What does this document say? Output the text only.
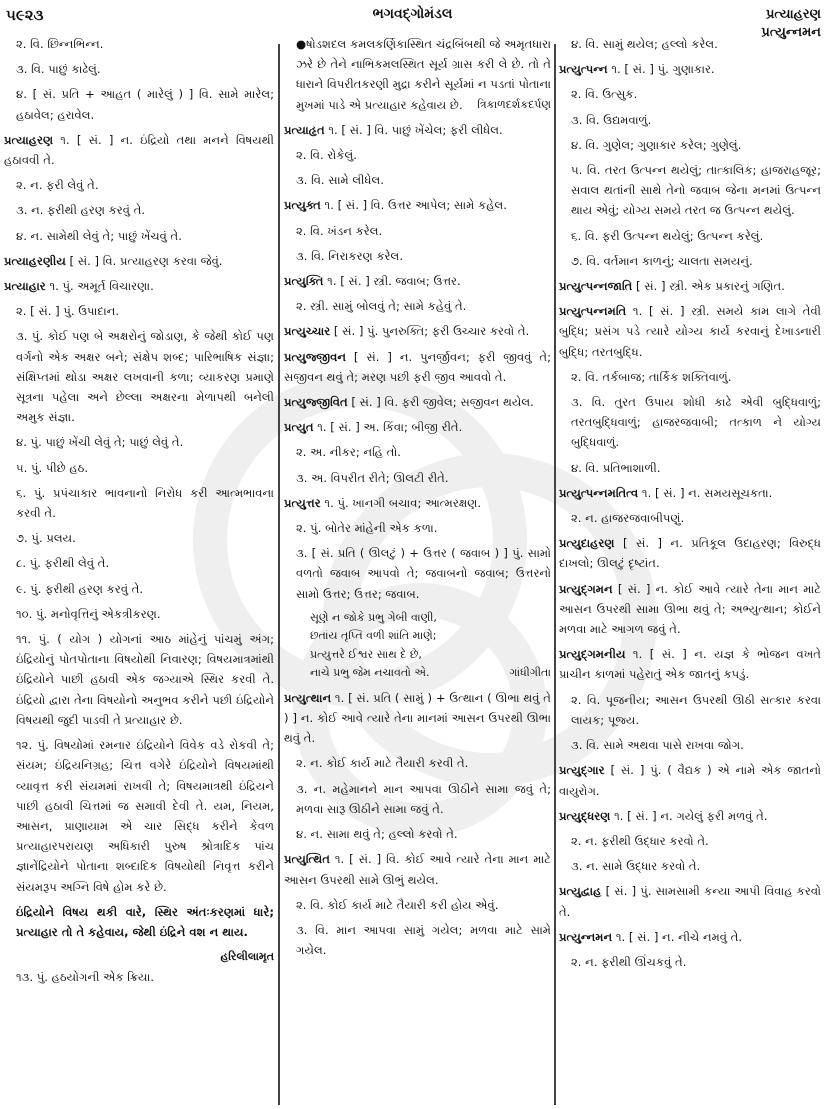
૫૯૨૩	ભગવદ્ગોમંડલ	પ્રત્યાહરણ
પ્રત્યુન્નમન
૨. વિ. છિન્નભિન્ન.
૩. વિ. પાછું કાઢેલું.
૪. [ સં. પ્રતિ + આહત ( મારેલું ) ] વિ. સામે મારેલ; હઠાવેલ; હરાવેલ.
પ્રત્યાહરણ ૧. [ સં. ] ન. ઇંદ્રિયો તથા મનને વિષયથી હઠાવવી તે.
૨. ન. ફરી લેવું તે.
૩. ન. ફરીથી હરણ કરવું તે.
૪. ન. સામેથી લેવું તે; પાછું ખેંચવું તે.
પ્રત્યાહરણીય [ સં. ] વિ. પ્રત્યાહરણ કરવા જેવું.
પ્રત્યાહાર ૧. પું. અમૂર્ત વિચારણા.
૨. [ સં. ] પું. ઉપાદાન.
૩. પું. કોઈ પણ બે અક્ષરોનું જોડાણ, કે જેથી કોઈ પણ વર્ગનો એક અક્ષર બને; સંક્ષેપ શબ્દ; પારિભાષિક સંજ્ઞા; સંક્ષિપ્તમાં થોડા અક્ષર લખવાની કળા; વ્યાકરણ પ્રમાણે સૂત્રના પહેલા અને છેલ્લા અક્ષરના મેળાપથી બનેલી અમુક સંજ્ઞા.
૪. પું. પાછું ખેંચી લેવું તે; પાછું લેવું તે.
૫. પું. પીછે હઠ.
૬. પું. પ્રપંચાકાર ભાવનાનો નિરોધ કરી આત્મભાવના કરવી તે.
૭. પું. પ્રલય.
૮. પું. ફરીથી લેવું તે.
૯. પું. ફરીથી હરણ કરવું તે.
૧૦. પું. મનોવૃત્તિનું એકત્રીકરણ.
૧૧. પું. ( યોગ ) યોગનાં આઠ માંહેનું પાંચમું અંગ; ઇંદ્રિયોનું પોતપોતાના વિષયોથી નિવારણ; વિષયમાત્રમાંથી ઇંદ્રિયોને પાછી હઠાવી એક જગ્યાએ સ્થિર કરવી તે. ઇંદ્રિયો દ્વારા તેના વિષયોનો અનુભવ કરીને પછી ઇંદ્રિયોને વિષયથી જુદી પાડવી તે પ્રત્યાહાર છે.
૧૨. પું. વિષયોમાં રમનાર ઇંદ્રિયોને વિવેક વડે રોકવી તે; સંયમ; ઇંદ્રિયનિગ્રહ; ચિત્ત વગેરે ઇંદ્રિયોને વિષયમાંથી વ્યાવૃત્ત કરી સંયમમાં રાખવી તે; વિષયમાત્રથી ઇંદ્રિયને પાછી હઠાવી ચિત્તમાં જ સમાવી દેવી તે. યમ, નિયમ, આસન, પ્રાણાયામ એ ચાર સિદ્ધ કરીને કેવળ પ્રત્યાહારપરાયણ અધિકારી પુરુષ શ્રોત્રાદિક પાંચ જ્ઞાનેંદ્રિયોને પોતાના શબ્દાદિક વિષયોથી નિવૃત્ત કરીને સંયમરૂપ અગ્નિ વિષે હોમ કરે છે.
ઇંદ્રિયોને વિષય થકી વારે, સ્થિર અંતઃકરણમાં ધારે; પ્રત્યાહાર તો તે કહેવાય, જેથી ઇંદ્રિને વશ ન થાય.
હરિલીલામૃત
૧૩. પું. હઠયોગની એક ક્રિયા.
●ષોડશદલ કમલકર્ણિકાસ્થિત ચંદ્રબિંબથી જે અમૃતધારા ઝરે છે તેને નાભિકમલસ્થિત સૂર્ય ગ્રાસ કરી લે છે. તો તે ધારાને વિપરીતકરણી મુદ્રા કરીને સૂર્યમાં ન પડતાં પોતાના મુખમાં પાડે એ પ્રત્યાહાર કહેવાય છે. ત્રિકાળદર્શકદર્પણ
પ્રત્યાહૃત ૧. [ સં. ] વિ. પાછું ખેંચેલ; ફરી લીધેલ.
૨. વિ. રોકેલું.
૩. વિ. સામે લીધેલ.
પ્રત્યુક્ત ૧. [ સં. ] વિ. ઉત્તર આપેલ; સામે કહેલ.
૨. વિ. ખંડન કરેલ.
૩. વિ. નિરાકરણ કરેલ.
પ્રત્યુક્તિ ૧. [ સં. ] સ્ત્રી. જવાબ; ઉત્તર.
૨. સ્ત્રી. સામું બોલવું તે; સામે કહેવું તે.
પ્રત્યુચ્ચાર [ સં. ] પું. પુનરુક્તિ; ફરી ઉચ્ચાર કરવો તે.
પ્રત્યુજ્જીવન [ સં. ] ન. પુનર્જીવન; ફરી જીવવું તે; સજીવન થવું તે; મરણ પછી ફરી જીવ આવવો તે.
પ્રત્યુજ્જીવિત [ સં. ] વિ. ફરી જીવેલ; સજીવન થયેલ.
પ્રત્યુત ૧. [ સં. ] અ. કિંવા; બીજી રીતે.
૨. અ. નીકર; નહિ તો.
૩. અ. વિપરીત રીતે; ઊલટી રીતે.
પ્રત્યુત્તર ૧. પું. ખાનગી બચાવ; આત્મરક્ષણ.
૨. પું. બોતેર માંહેની એક કળા.
૩. [ સં. પ્રતિ ( ઊલટું ) + ઉત્તર ( જવાબ ) ] પું. સામો વળતો જવાબ આપવો તે; જવાબનો જવાબ; ઉત્તરનો સામો ઉત્તર; ઉત્તર; જવાબ.
સૂણે ન જોકે પ્રભુ ગેબી વાણી,
છતાંય તૃપ્તિ વળી શાંતિ માણે;
પ્રત્યુત્તરે ઈશ્વર સાથ દે છે,
નાચે પ્રભુ જેમ નચાવતો એ.	ગાંધીગીતા
પ્રત્યુત્થાન ૧. [ સં. પ્રતિ ( સામું ) + ઉત્થાન ( ઊભા થવું તે ) ] ન. કોઈ આવે ત્યારે તેના માનમાં આસન ઉપરથી ઊભા થવું તે.
૨. ન. કોઈ કાર્ય માટે તૈયારી કરવી તે.
૩. ન. મહેમાનને માન આપવા ઊઠીને સામા જવું તે; મળવા સારૂ ઊઠીને સામા જવું તે.
૪. ન. સામા થવું તે; હલ્લો કરવો તે.
પ્રત્યુત્થિત ૧. [ સં. ] વિ. કોઈ આવે ત્યારે તેના માન માટે આસન ઉપરથી સામે ઊભું થયેલ.
૨. વિ. કોઈ કાર્ય માટે તૈયારી કરી હોય એવું.
૩. વિ. માન આપવા સામું ગયેલ; મળવા માટે સામે ગયેલ.
૪. વિ. સામું થયેલ; હલ્લો કરેલ.
પ્રત્યુત્પન્ન ૧. [ સં. ] પું. ગુણાકાર.
૨. વિ. ઉત્સુક.
૩. વિ. ઉદ્યમવાળું.
૪. વિ. ગુણેલ; ગુણાકાર કરેલ; ગુણેલું.
૫. વિ. તરત ઉત્પન્ન થયેલું; તાત્કાલિક; હાજરાહજૂર; સવાલ થતાંની સાથે તેનો જવાબ જેના મનમાં ઉત્પન્ન થાય એવું; યોગ્ય સમયે તરત જ ઉત્પન્ન થયેલું.
૬. વિ. ફરી ઉત્પન્ન થયેલું; ઉત્પન્ન કરેલું.
૭. વિ. વર્તમાન કાળનું; ચાલતા સમયનું.
પ્રત્યુત્પન્નજાતિ [ સં. ] સ્ત્રી. એક પ્રકારનું ગણિત.
પ્રત્યુત્પન્નમતિ ૧. [ સં. ] સ્ત્રી. સમયે કામ લાગે તેવી બુદ્ધિ; પ્રસંગ પડે ત્યારે યોગ્ય કાર્ય કરવાનું દેખાડનારી બુદ્ધિ; તરતબુદ્ધિ.
૨. વિ. તર્કબાજ; તાર્કિક શક્તિવાળું.
૩. વિ. તુરત ઉપાય શોધી કાઢે એવી બુદ્ધિવાળું; તરતબુદ્ધિવાળું; હાજરજવાબી; તત્કાળ ને યોગ્ય બુદ્ધિવાળું.
૪. વિ. પ્રતિભાશાળી.
પ્રત્યુત્પન્નમતિત્વ ૧. [ સં. ] ન. સમયસૂચકતા.
૨. ન. હાજરજવાબીપણું.
પ્રત્યુદાહરણ [ સં. ] ન. પ્રતિકૂલ ઉદાહરણ; વિરુદ્ધ દાખલો; ઊલટું દૃષ્ટાંત.
પ્રત્યુદ્ગમન [ સં. ] ન. કોઈ આવે ત્યારે તેના માન માટે આસન ઉપરથી સામા ઊભા થવું તે; અભ્યુત્થાન; કોઈને મળવા માટે આગળ જવું તે.
પ્રત્યુદ્ગમનીય ૧. [ સં. ] ન. યજ્ઞ કે ભોજન વખતે પ્રાચીન કાળમાં પહેરાતું એક જાતનું કપડું.
૨. વિ. પૂજનીય; આસન ઉપરથી ઊઠી સત્કાર કરવા લાયક; પૂજ્ય.
૩. વિ. સામે અથવા પાસે રાખવા જોગ.
પ્રત્યુદ્ગાર [ સં. ] પું. ( વૈદ્યક ) એ નામે એક જાતનો વાયુરોગ.
પ્રત્યુદ્ધરણ ૧. [ સં. ] ન. ગયેલું ફરી મળવું તે.
૨. ન. ફરીથી ઉદ્ધાર કરવો તે.
૩. ન. સામે ઉદ્ધાર કરવો તે.
પ્રત્યુદ્વાહ [ સં. ] પું. સામસામી કન્યા આપી વિવાહ કરવો તે.
પ્રત્યુન્નમન ૧. [ સં. ] ન. નીચે નમવું તે.
૨. ન. ફરીથી ઊંચકવું તે.
